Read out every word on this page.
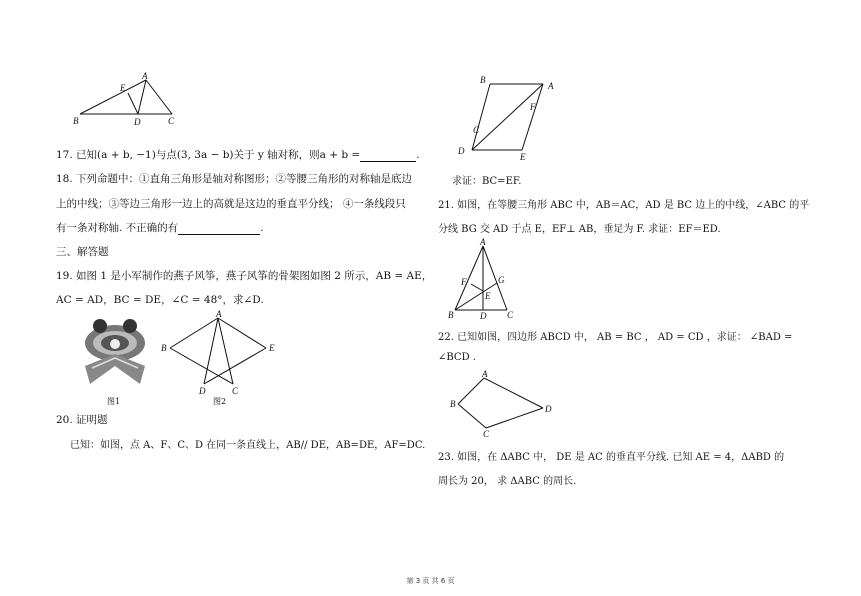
A
E
B	D	C
17. 已知(a + b, −1)与点(3, 3a − b)关于 y 轴对称，则a + b =	.
18. 下列命题中：①直角三角形是轴对称图形；②等腰三角形的对称轴是底边
上的中线；③等边三角形一边上的高就是这边的垂直平分线； ④一条线段只
有一条对称轴. 不正确的有	.
三、解答题
19. 如图 1 是小军制作的燕子风筝，燕子风筝的骨架图如图 2 所示，AB = AE，
AC = AD，BC = DE，∠C = 48°，求∠D.
图1
A
B	E
D	C
图2
20. 证明题
已知：如图，点 A、F、C、D 在同一条直线上，AB// DE，AB=DE，AF=DC.
B
A
F
C
D
E
求证：BC=EF.
21. 如图，在等腰三角形 ABC 中，AB＝AC，AD 是 BC 边上的中线，∠ABC 的平
分线 BG 交 AD 于点 E，EF⊥ AB，垂足为 F. 求证：EF＝ED.
A
G
F
E
B	D C
22. 已知如图，四边形 ABCD 中， AB = BC ， AD = CD ，求证： ∠BAD =
∠BCD .
A
B	D
C
23. 如图，在 ΔABC 中， DE 是 AC 的垂直平分线. 已知 AE = 4，ΔABD 的
周长为 20， 求 ΔABC 的周长.
第 3 页 共 6 页
